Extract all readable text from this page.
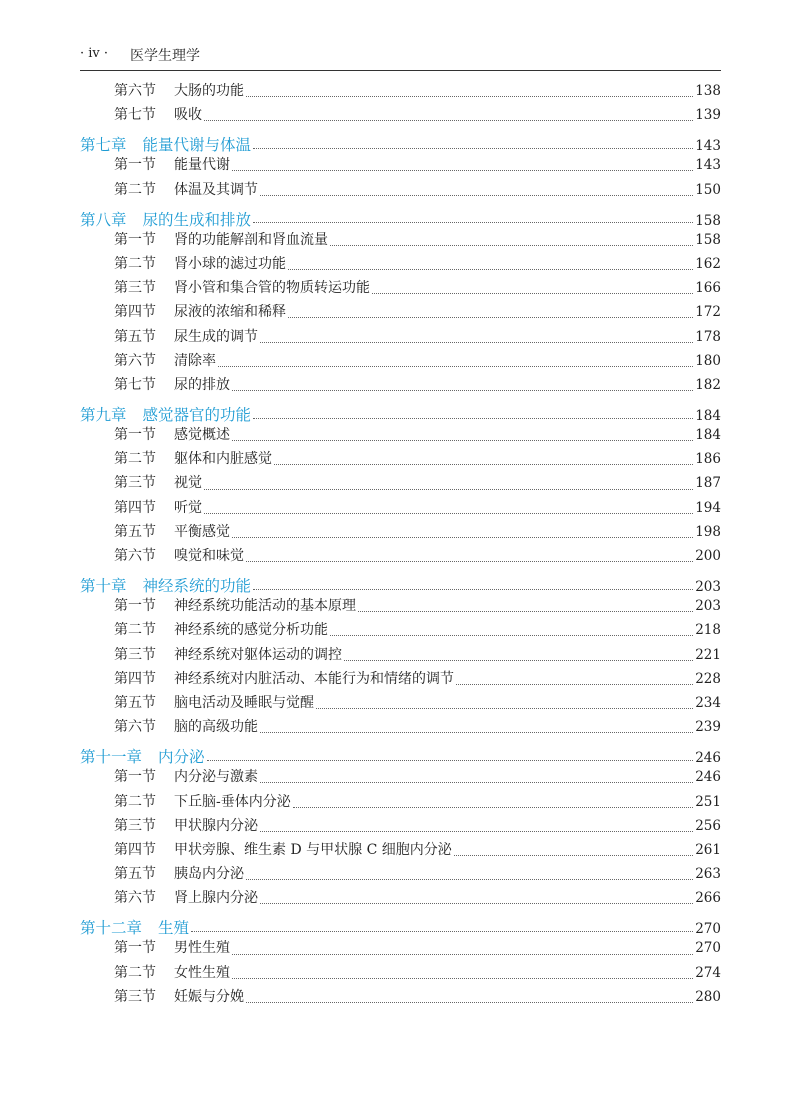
· iv · 医学生理学
第六节	大肠的功能	138
第七节	吸收	139
第七章 能量代谢与体温	143
第一节	能量代谢	143
第二节	体温及其调节	150
第八章 尿的生成和排放	158
第一节	肾的功能解剖和肾血流量	158
第二节	肾小球的滤过功能	162
第三节	肾小管和集合管的物质转运功能	166
第四节	尿液的浓缩和稀释	172
第五节	尿生成的调节	178
第六节	清除率	180
第七节	尿的排放	182
第九章 感觉器官的功能	184
第一节	感觉概述	184
第二节	躯体和内脏感觉	186
第三节	视觉	187
第四节	听觉	194
第五节	平衡感觉	198
第六节	嗅觉和味觉	200
第十章 神经系统的功能	203
第一节	神经系统功能活动的基本原理	203
第二节	神经系统的感觉分析功能	218
第三节	神经系统对躯体运动的调控	221
第四节	神经系统对内脏活动、本能行为和情绪的调节	228
第五节	脑电活动及睡眠与觉醒	234
第六节	脑的高级功能	239
第十一章 内分泌	246
第一节	内分泌与激素	246
第二节	下丘脑-垂体内分泌	251
第三节	甲状腺内分泌	256
第四节	甲状旁腺、维生素 D 与甲状腺 C 细胞内分泌	261
第五节	胰岛内分泌	263
第六节	肾上腺内分泌	266
第十二章 生殖	270
第一节	男性生殖	270
第二节	女性生殖	274
第三节	妊娠与分娩	280
